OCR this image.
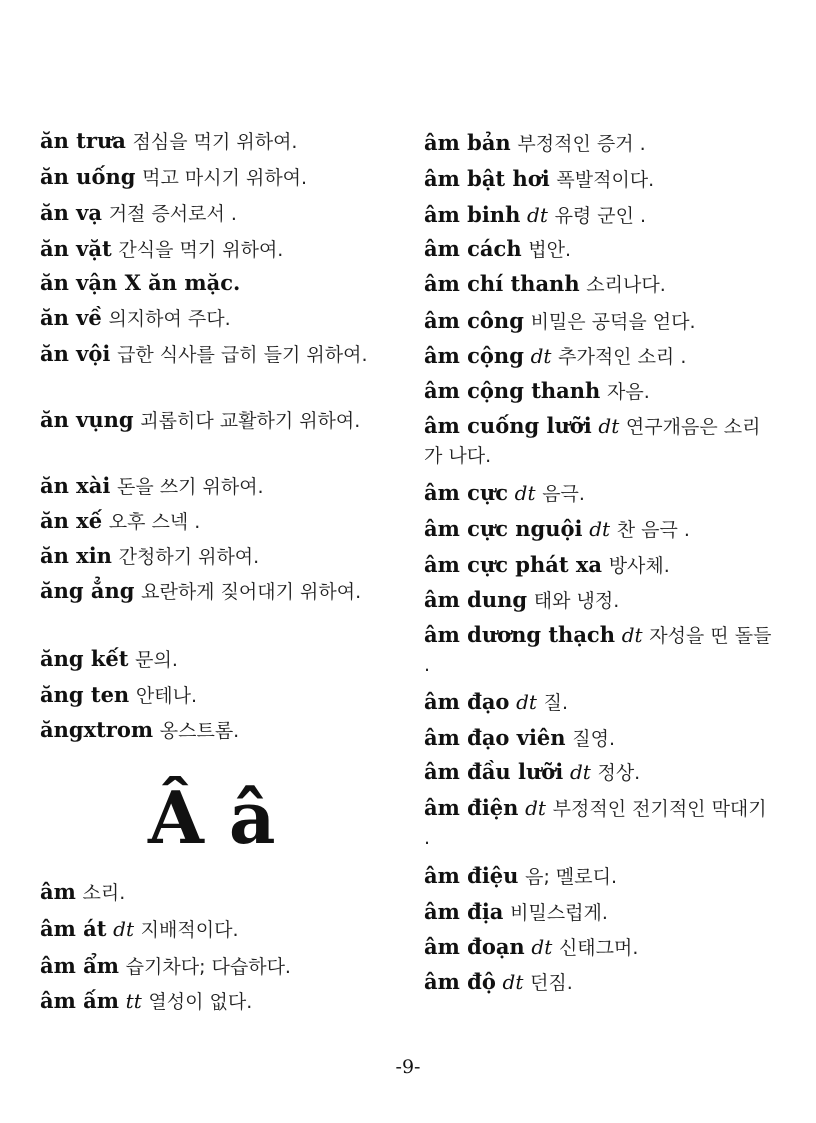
ăn trưa 점심을 먹기 위하여.
ăn uống 먹고 마시기 위하여.
ăn vạ 거절 증서로서 .
ăn vặt 간식을 먹기 위하여.
ăn vận X ăn mặc.
ăn về 의지하여 주다.
ăn vội 급한 식사를 급히 들기 위하여.
ăn vụng 괴롭히다 교활하기 위하여.
ăn xài 돈을 쓰기 위하여.
ăn xế 오후 스넥 .
ăn xin 간청하기 위하여.
ăng ẳng 요란하게 짖어대기 위하여.
ăng kết 문의.
ăng ten 안테나.
ăngxtrom 옹스트롬.
Â â
âm 소리.
âm át dt 지배적이다.
âm ẩm 습기차다; 다습하다.
âm ấm tt 열성이 없다.
âm bản 부정적인 증거 .
âm bật hơi 폭발적이다.
âm binh dt 유령 군인 .
âm cách 법안.
âm chí thanh 소리나다.
âm công 비밀은 공덕을 얻다.
âm cộng dt 추가적인 소리 .
âm cộng thanh 자음.
âm cuống lưỡi dt 연구개음은 소리가 나다.
âm cực dt 음극.
âm cực nguội dt 찬 음극 .
âm cực phát xa 방사체.
âm dung 태와 냉정.
âm dương thạch dt 자성을 띤 돌들 .
âm đạo dt 질.
âm đạo viên 질영.
âm đầu lưỡi dt 정상.
âm điện dt 부정적인 전기적인 막대기 .
âm điệu 음; 멜로디.
âm địa 비밀스럽게.
âm đoạn dt 신태그머.
âm độ dt 던짐.
-9-
